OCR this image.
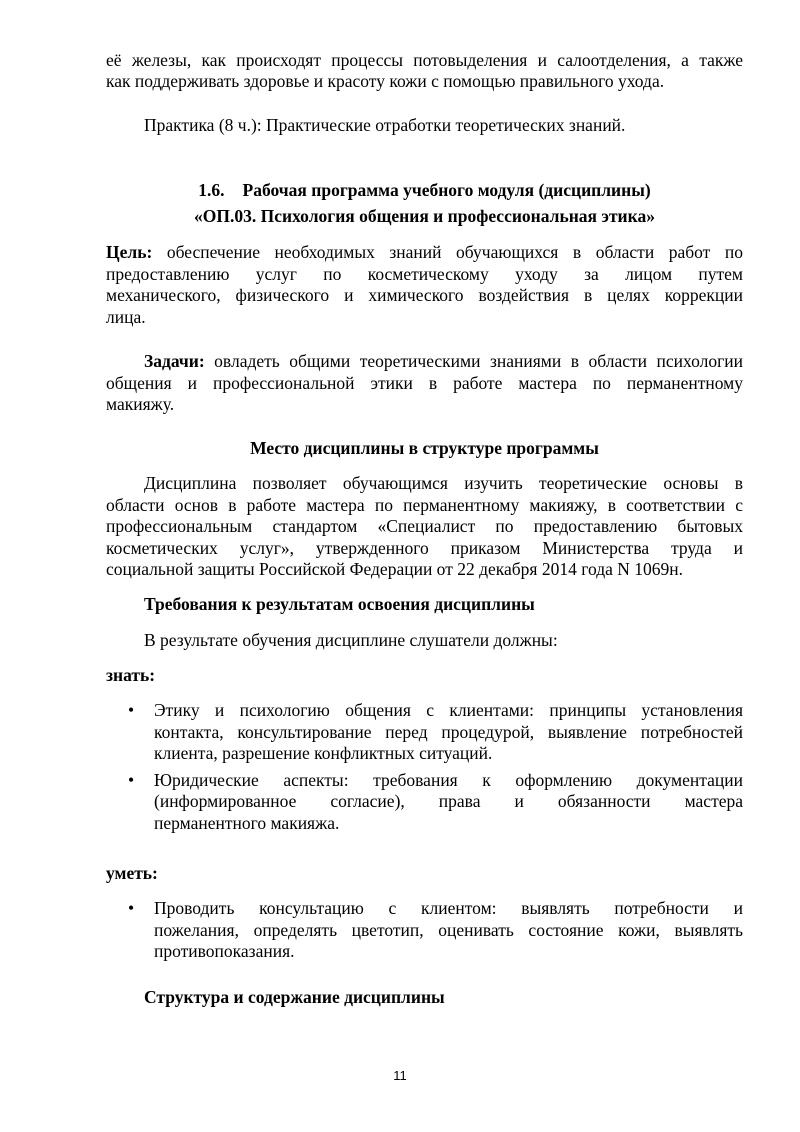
её железы, как происходят процессы потовыделения и салоотделения, а также

как поддерживать здоровье и красоту кожи с помощью правильного ухода.

Практика (8 ч.): Практические отработки теоретических знаний.

1.6. Рабочая программа учебного модуля (дисциплины)

«ОП.03. Психология общения и профессиональная этика»

Цель: обеспечение необходимых знаний обучающихся в области работ по

предоставлению услуг по косметическому уходу за лицом путем

механического, физического и химического воздействия в целях коррекции

лица.

Задачи: овладеть общими теоретическими знаниями в области психологии

общения и профессиональной этики в работе мастера по перманентному

макияжу.

Место дисциплины в структуре программы

Дисциплина позволяет обучающимся изучить теоретические основы в

области основ в работе мастера по перманентному макияжу, в соответствии с

профессиональным стандартом «Специалист по предоставлению бытовых

косметических услуг», утвержденного приказом Министерства труда и

социальной защиты Российской Федерации от 22 декабря 2014 года N 1069н.

Требования к результатам освоения дисциплины

В результате обучения дисциплине слушатели должны:

знать:

• Этику и психологию общения с клиентами: принципы установления

контакта, консультирование перед процедурой, выявление потребностей

клиента, разрешение конфликтных ситуаций.

• Юридические аспекты: требования к оформлению документации

(информированное согласие), права и обязанности мастера

перманентного макияжа.

уметь:

• Проводить консультацию с клиентом: выявлять потребности и

пожелания, определять цветотип, оценивать состояние кожи, выявлять

противопоказания.

Структура и содержание дисциплины

11
